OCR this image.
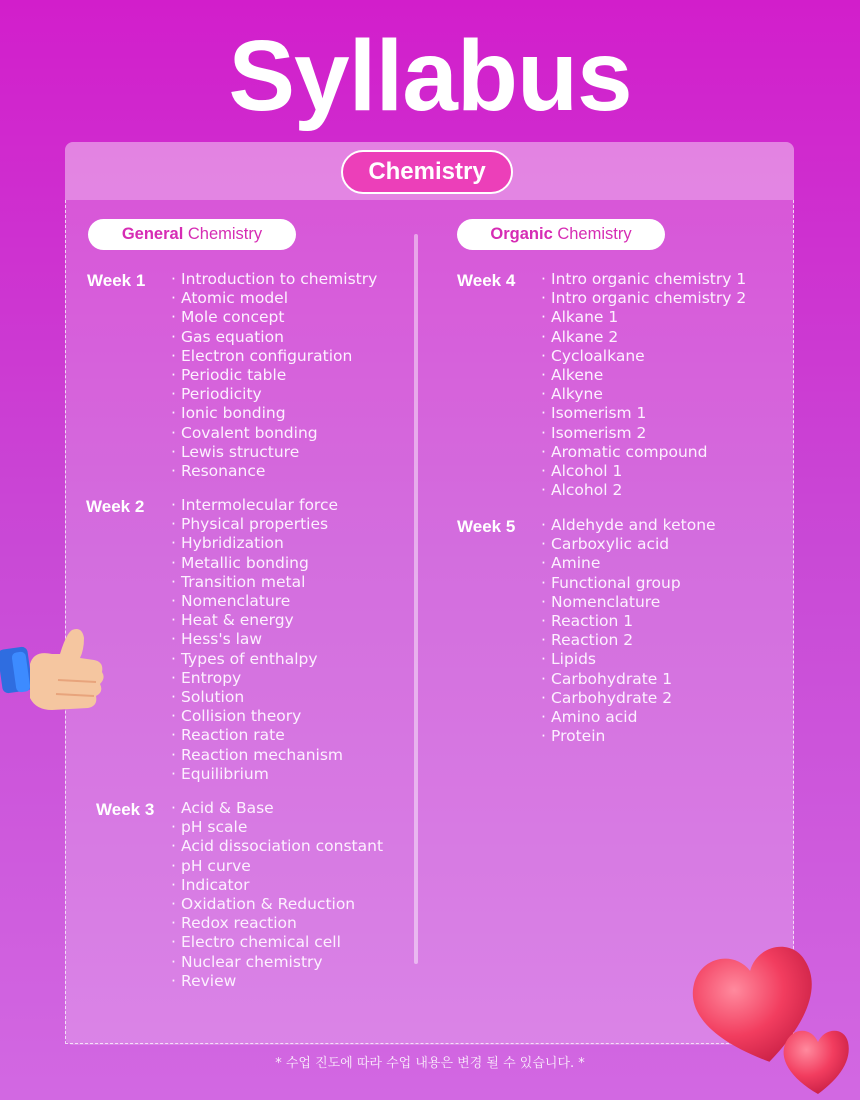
Syllabus
Chemistry
General Chemistry
Week 1	· Introduction to chemistry
· Atomic model
· Mole concept
· Gas equation
· Electron configuration
· Periodic table
· Periodicity
· Ionic bonding
· Covalent bonding
· Lewis structure
· Resonance
Week 2	· Intermolecular force
· Physical properties
· Hybridization
· Metallic bonding
· Transition metal
· Nomenclature
· Heat & energy
· Hess's law
· Types of enthalpy
· Entropy
· Solution
· Collision theory
· Reaction rate
· Reaction mechanism
· Equilibrium
Week 3	· Acid & Base
· pH scale
· Acid dissociation constant
· pH curve
· Indicator
· Oxidation & Reduction
· Redox reaction
· Electro chemical cell
· Nuclear chemistry
· Review
Organic Chemistry
Week 4	· Intro organic chemistry 1
· Intro organic chemistry 2
· Alkane 1
· Alkane 2
· Cycloalkane
· Alkene
· Alkyne
· Isomerism 1
· Isomerism 2
· Aromatic compound
· Alcohol 1
· Alcohol 2
Week 5	· Aldehyde and ketone
· Carboxylic acid
· Amine
· Functional group
· Nomenclature
· Reaction 1
· Reaction 2
· Lipids
· Carbohydrate 1
· Carbohydrate 2
· Amino acid
· Protein
* 수업 진도에 따라 수업 내용은 변경 될 수 있습니다. *
